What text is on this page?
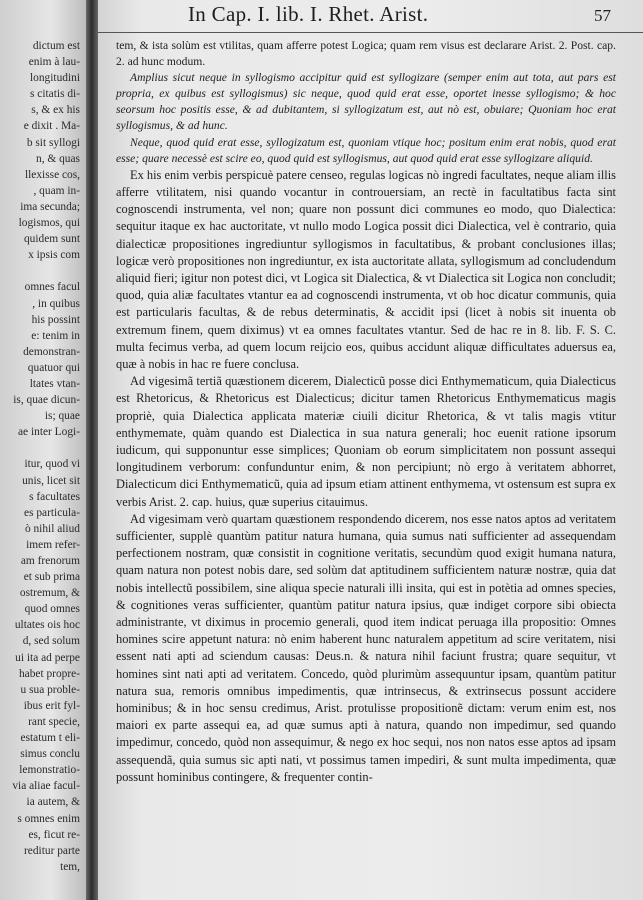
dictum est
enim à lau-
longitudini
s citatis di-
s, & ex his
e dixit . Ma-
b sit syllogi
n, & quas
llexisse cos,
, quam in-
ima secunda;
logismos, qui
quidem sunt
x ipsis com
omnes facul
, in quibus
his possint
e: tenim in
demonstran-
quatuor qui
ltates vtan-
is, quae dicun-
is; quae
ae inter Logi-
itur, quod vi
unis, licet sit
s facultates
es particula-
ò nihil aliud
imem refer-
am frenorum
et sub prima
ostremum, &
quod omnes
ultates ois hoc
d, sed solum
ui ita ad perpe
habet propre-
u sua proble-
ibus erit fyl-
rant specie,
estatum t eli-
simus conclu
lemonstratio-
via aliae facul-
ia autem, &
s omnes enim
es, ficut re-
reditur parte
tem,
In Cap. I. lib. I. Rhet. Arist.	57

tem, & ista solùm est vtilitas, quam afferre potest Logica; quam rem visus est declarare Arist. 2. Post. cap. 2. ad hunc modum.

Amplius sicut neque in syllogismo accipitur quid est syllogizare (semper enim aut tota, aut pars est propria, ex quibus est syllogismus) sic neque, quod quid erat esse, oportet inesse syllogismo; & hoc seorsum hoc positis esse, & ad dubitantem, si syllogizatum est, aut nò est, obuiare; Quoniam hoc erat syllogismus, & ad hunc.

Neque, quod quid erat esse, syllogizatum est, quoniam vtique hoc; positum enim erat nobis, quod erat esse; quare necessè est scire eo, quod quid est syllogismus, aut quod quid erat esse syllogizare aliquid.

Ex his enim verbis perspicuè patere censeo, regulas logicas nò ingredi facultates, neque aliam illis afferre vtilitatem, nisi quando vocantur in controuersiam, an rectè in facultatibus facta sint cognoscendi instrumenta, vel non; quare non possunt dici communes eo modo, quo Dialectica: sequitur itaque ex hac auctoritate, vt nullo modo Logica possit dici Dialectica, vel è contrario, quia dialecticæ propositiones ingrediuntur syllogismos in facultatibus, & probant conclusiones illas; logicæ verò propositiones non ingrediuntur, ex ista auctoritate allata, syllogismum ad concludendum aliquid fieri; igitur non potest dici, vt Logica sit Dialectica, & vt Dialectica sit Logica non concludit; quod, quia aliæ facultates vtantur ea ad cognoscendi instrumenta, vt ob hoc dicatur communis, quia est particularis facultas, & de rebus determinatis, & accidit ipsi (licet à nobis sit inuenta ob extremum finem, quem diximus) vt ea omnes facultates vtantur. Sed de hac re in 8. lib. F. S. C. multa fecimus verba, ad quem locum reijcio eos, quibus accidunt aliquæ difficultates aduersus ea, quæ à nobis in hac re fuere conclusa.

Ad vigesimã tertiã quæstionem dicerem, Dialecticũ posse dici Enthymematicum, quia Dialecticus est Rhetoricus, & Rhetoricus est Dialecticus; dicitur tamen Rhetoricus Enthymematicus magis propriè, quia Dialectica applicata materiæ ciuili dicitur Rhetorica, & vt talis magis vtitur enthymemate, quàm quando est Dialectica in sua natura generali; hoc euenit ratione ipsorum iudicum, qui supponuntur esse simplices; Quoniam ob eorum simplicitatem non possunt assequi longitudinem verborum: confunduntur enim, & non percipiunt; nò ergo à veritatem abhorret, Dialecticum dici Enthymematicũ, quia ad ipsum etiam attinent enthymema, vt ostensum est supra ex verbis Arist. 2. cap. huius, quæ superius citauimus.

Ad vigesimam verò quartam quæstionem respondendo dicerem, nos esse natos aptos ad veritatem sufficienter, supplè quantùm patitur natura humana, quia sumus nati sufficienter ad assequendam perfectionem nostram, quæ consistit in cognitione veritatis, secundùm quod exigit humana natura, quam natura non potest nobis dare, sed solùm dat aptitudinem sufficientem naturæ nostræ, quia dat nobis intellectũ possibilem, sine aliqua specie naturali illi insita, qui est in potètia ad omnes species, & cognitiones veras sufficienter, quantùm patitur natura ipsius, quæ indiget corpore sibi obiecta administrante, vt diximus in procemio generali, quod item indicat peruaga illa propositio: Omnes homines scire appetunt natura: nò enim haberent hunc naturalem appetitum ad scire veritatem, nisi essent nati apti ad sciendum causas: Deus.n. & natura nihil faciunt frustra; quare sequitur, vt homines sint nati apti ad veritatem. Concedo, quòd plurimùm assequuntur ipsam, quantùm patitur natura sua, remoris omnibus impedimentis, quæ intrinsecus, & extrinsecus possunt accidere hominibus; & in hoc sensu credimus, Arist. protulisse propositionẽ dictam: verum enim est, nos maiori ex parte assequi ea, ad quæ sumus apti à natura, quando non impedimur, sed quando impedimur, concedo, quòd non assequimur, & nego ex hoc sequi, nos non natos esse aptos ad ipsam assequendã, quia sumus sic apti nati, vt possimus tamen impediri, & sunt multa impedimenta, quæ possunt hominibus contingere, & frequenter contin-
